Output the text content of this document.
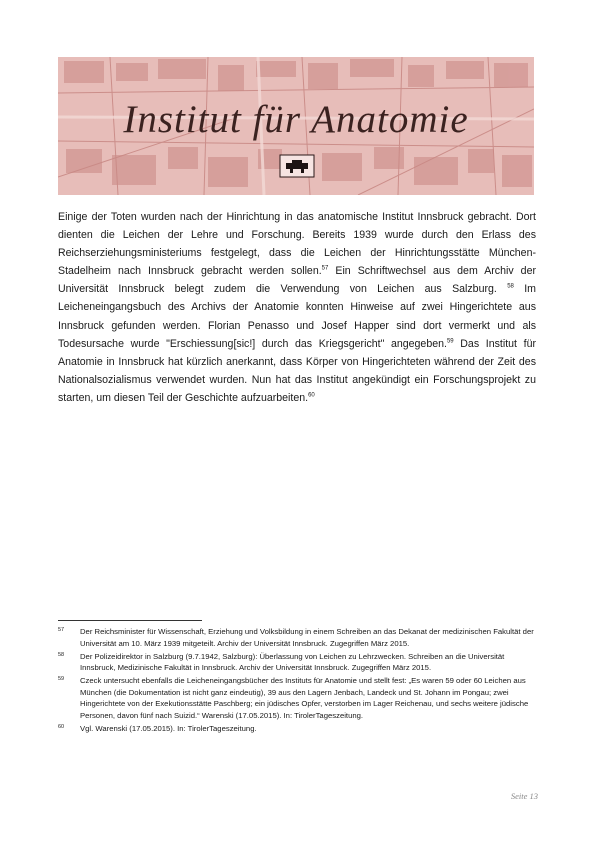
Institut für Anatomie

Einige der Toten wurden nach der Hinrichtung in das anatomische Institut Innsbruck gebracht. Dort dienten die Leichen der Lehre und Forschung. Bereits 1939 wurde durch den Erlass des Reichserziehungsministeriums festgelegt, dass die Leichen der Hinrichtungsstätte München-Stadelheim nach Innsbruck gebracht werden sollen.$^{57}$ Ein Schriftwechsel aus dem Archiv der Universität Innsbruck belegt zudem die Verwendung von Leichen aus Salzburg. $^{58}$ Im Leicheneingangsbuch des Archivs der Anatomie konnten Hinweise auf zwei Hingerichtete aus Innsbruck gefunden werden. Florian Penasso und Josef Happer sind dort vermerkt und als Todesursache wurde "Erschiessung[sic!] durch das Kriegsgericht" angegeben.$^{59}$ Das Institut für Anatomie in Innsbruck hat kürzlich anerkannt, dass Körper von Hingerichteten während der Zeit des Nationalsozialismus verwendet wurden. Nun hat das Institut angekündigt ein Forschungsprojekt zu starten, um diesen Teil der Geschichte aufzuarbeiten.$^{60}$

57	Der Reichsminister für Wissenschaft, Erziehung und Volksbildung in einem Schreiben an das Dekanat der medizinischen Fakultät der Universität am 10. März 1939 mitgeteilt. Archiv der Universität Innsbruck. Zugegriffen März 2015.
58	Der Polizeidirektor in Salzburg (9.7.1942, Salzburg): Überlassung von Leichen zu Lehrzwecken. Schreiben an die Universität Innsbruck, Medizinische Fakultät in Innsbruck. Archiv der Universität Innsbruck. Zugegriffen März 2015.
59	Czeck untersucht ebenfalls die Leicheneingangsbücher des Instituts für Anatomie und stellt fest: „Es waren 59 oder 60 Leichen aus München (die Dokumentation ist nicht ganz eindeutig), 39 aus den Lagern Jenbach, Landeck und St. Johann im Pongau; zwei Hingerichtete von der Exekutionsstätte Paschberg; ein jüdisches Opfer, verstorben im Lager Reichenau, und sechs weitere jüdische Personen, davon fünf nach Suizid.“ Warenski (17.05.2015). In: TirolerTageszeitung.
60	Vgl. Warenski (17.05.2015). In: TirolerTageszeitung.
Seite 13
